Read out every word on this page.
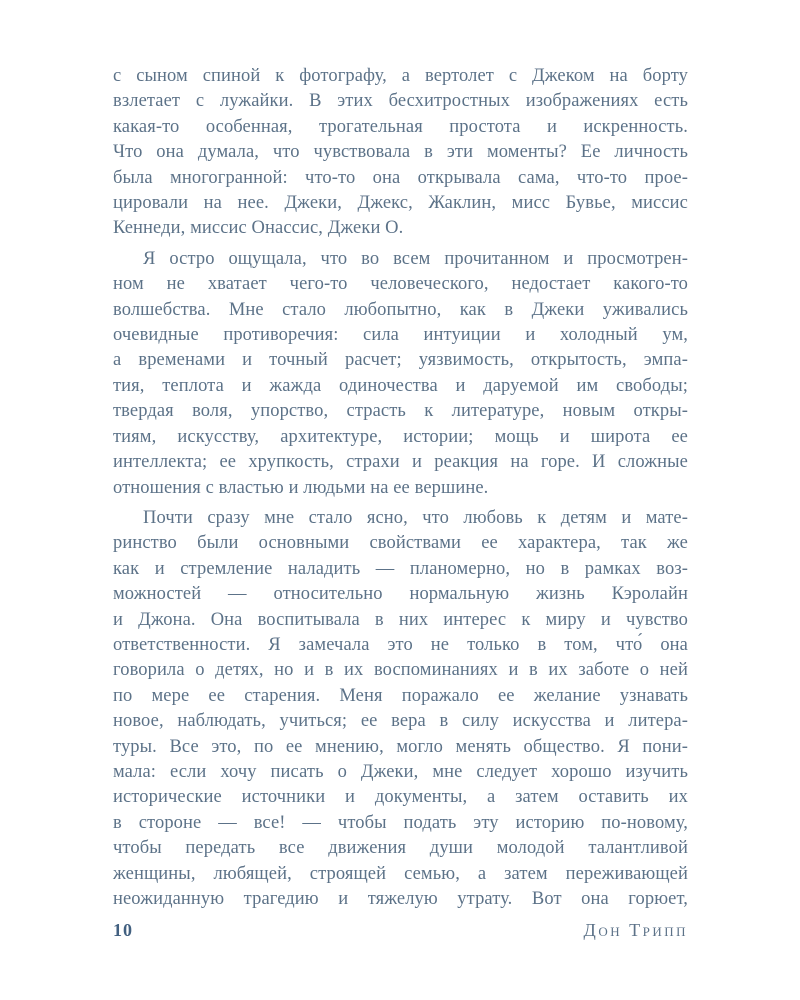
с сыном спиной к фотографу, а вертолет с Джеком на борту
взлетает с лужайки. В этих бесхитростных изображениях есть
какая-то особенная, трогательная простота и искренность.
Что она думала, что чувствовала в эти моменты? Ее личность
была многогранной: что-то она открывала сама, что-то прое-
цировали на нее. Джеки, Джекс, Жаклин, мисс Бувье, миссис
Кеннеди, миссис Онассис, Джеки О.

Я остро ощущала, что во всем прочитанном и просмотрен-
ном не хватает чего-то человеческого, недостает какого-то
волшебства. Мне стало любопытно, как в Джеки уживались
очевидные противоречия: сила интуиции и холодный ум,
а временами и точный расчет; уязвимость, открытость, эмпа-
тия, теплота и жажда одиночества и даруемой им свободы;
твердая воля, упорство, страсть к литературе, новым откры-
тиям, искусству, архитектуре, истории; мощь и широта ее
интеллекта; ее хрупкость, страхи и реакция на горе. И сложные
отношения с властью и людьми на ее вершине.

Почти сразу мне стало ясно, что любовь к детям и мате-
ринство были основными свойствами ее характера, так же
как и стремление наладить — планомерно, но в рамках воз-
можностей — относительно нормальную жизнь Кэролайн
и Джона. Она воспитывала в них интерес к миру и чувство
ответственности. Я замечала это не только в том, что́ она
говорила о детях, но и в их воспоминаниях и в их заботе о ней
по мере ее старения. Меня поражало ее желание узнавать
новое, наблюдать, учиться; ее вера в силу искусства и литера-
туры. Все это, по ее мнению, могло менять общество. Я пони-
мала: если хочу писать о Джеки, мне следует хорошо изучить
исторические источники и документы, а затем оставить их
в стороне — все! — чтобы подать эту историю по-новому,
чтобы передать все движения души молодой талантливой
женщины, любящей, строящей семью, а затем переживающей
неожиданную трагедию и тяжелую утрату. Вот она горюет,

10	Дон Трипп
